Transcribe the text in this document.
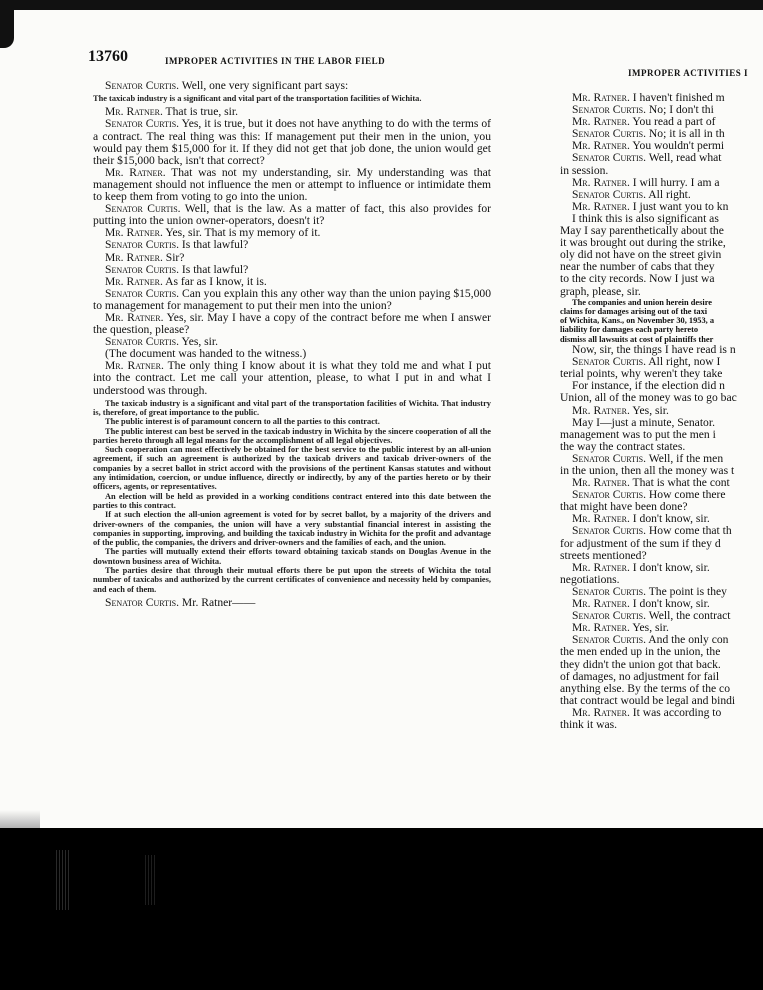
13760	IMPROPER ACTIVITIES IN THE LABOR FIELD
IMPROPER ACTIVITIES I

Senator Curtis. Well, one very significant part says:

The taxicab industry is a significant and vital part of the transportation facilities of Wichita.

Mr. Ratner. That is true, sir.

Senator Curtis. Yes, it is true, but it does not have anything to do with the terms of a contract. The real thing was this: If management put their men in the union, you would pay them $15,000 for it. If they did not get that job done, the union would get their $15,000 back, isn't that correct?

Mr. Ratner. That was not my understanding, sir. My understanding was that management should not influence the men or attempt to influence or intimidate them to keep them from voting to go into the union.

Senator Curtis. Well, that is the law. As a matter of fact, this also provides for putting into the union owner-operators, doesn't it?

Mr. Ratner. Yes, sir. That is my memory of it.

Senator Curtis. Is that lawful?

Mr. Ratner. Sir?

Senator Curtis. Is that lawful?

Mr. Ratner. As far as I know, it is.

Senator Curtis. Can you explain this any other way than the union paying $15,000 to management for management to put their men into the union?

Mr. Ratner. Yes, sir. May I have a copy of the contract before me when I answer the question, please?

Senator Curtis. Yes, sir.

(The document was handed to the witness.)

Mr. Ratner. The only thing I know about it is what they told me and what I put into the contract. Let me call your attention, please, to what I put in and what I understood was through.

The taxicab industry is a significant and vital part of the transportation facilities of Wichita. That industry is, therefore, of great importance to the public.

The public interest is of paramount concern to all the parties to this contract.

The public interest can best be served in the taxicab industry in Wichita by the sincere cooperation of all the parties hereto through all legal means for the accomplishment of all legal objectives.

Such cooperation can most effectively be obtained for the best service to the public interest by an all-union agreement, if such an agreement is authorized by the taxicab drivers and taxicab driver-owners of the companies by a secret ballot in strict accord with the provisions of the pertinent Kansas statutes and without any intimidation, coercion, or undue influence, directly or indirectly, by any of the parties hereto or by their officers, agents, or representatives.

An election will be held as provided in a working conditions contract entered into this date between the parties to this contract.

If at such election the all-union agreement is voted for by secret ballot, by a majority of the drivers and driver-owners of the companies, the union will have a very substantial financial interest in assisting the companies in supporting, improving, and building the taxicab industry in Wichita for the profit and advantage of the public, the companies, the drivers and driver-owners and the families of each, and the union.

The parties will mutually extend their efforts toward obtaining taxicab stands on Douglas Avenue in the downtown business area of Wichita.

The parties desire that through their mutual efforts there be put upon the streets of Wichita the total number of taxicabs and authorized by the current certificates of convenience and necessity held by companies, and each of them.

Senator Curtis. Mr. Ratner——

Mr. Ratner. I haven't finished m
Senator Curtis. No; I don't thi
Mr. Ratner. You read a part of
Senator Curtis. No; it is all in th
Mr. Ratner. You wouldn't permi
Senator Curtis. Well, read what
in session.
Mr. Ratner. I will hurry. I am a
Senator Curtis. All right.
Mr. Ratner. I just want you to kn
I think this is also significant as
May I say parenthetically about the
it was brought out during the strike,
oly did not have on the street givin
near the number of cabs that they
to the city records. Now I just wa
graph, please, sir.
The companies and union herein desire
claims for damages arising out of the taxi
of Wichita, Kans., on November 30, 1953, a
liability for damages each party hereto
dismiss all lawsuits at cost of plaintiffs ther
Now, sir, the things I have read is n
Senator Curtis. All right, now I
terial points, why weren't they take
For instance, if the election did n
Union, all of the money was to go bac
Mr. Ratner. Yes, sir.
May I—just a minute, Senator.
management was to put the men i
the way the contract states.
Senator Curtis. Well, if the men
in the union, then all the money was t
Mr. Ratner. That is what the cont
Senator Curtis. How come there
that might have been done?
Mr. Ratner. I don't know, sir.
Senator Curtis. How come that th
for adjustment of the sum if they d
streets mentioned?
Mr. Ratner. I don't know, sir.
negotiations.
Senator Curtis. The point is they
Mr. Ratner. I don't know, sir.
Senator Curtis. Well, the contract
Mr. Ratner. Yes, sir.
Senator Curtis. And the only con
the men ended up in the union, the
they didn't the union got that back.
of damages, no adjustment for fail
anything else. By the terms of the co
that contract would be legal and bindi
Mr. Ratner. It was according to
think it was.
